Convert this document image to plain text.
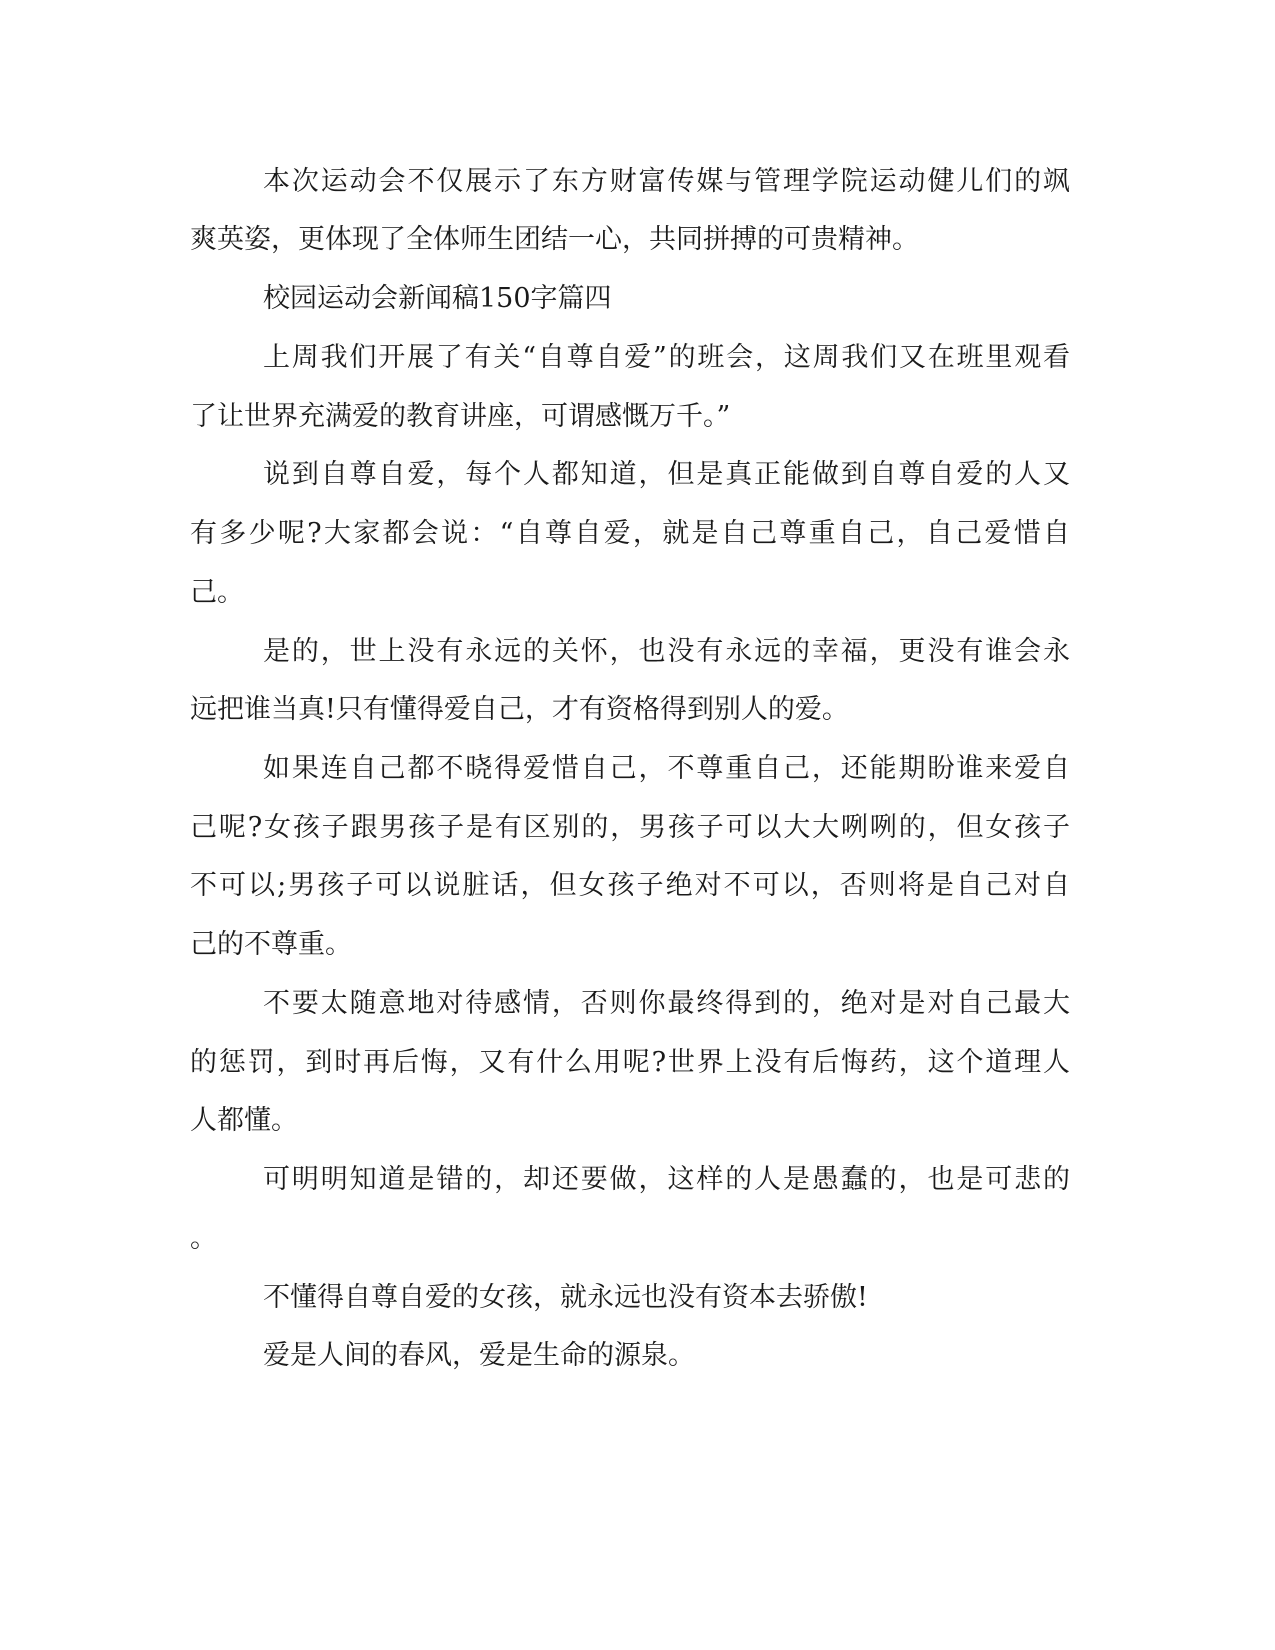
本次运动会不仅展示了东方财富传媒与管理学院运动健儿们的飒
爽英姿，更体现了全体师生团结一心，共同拼搏的可贵精神。
校园运动会新闻稿150字篇四
上周我们开展了有关“自尊自爱”的班会，这周我们又在班里观看
了让世界充满爱的教育讲座，可谓感慨万千。”
说到自尊自爱，每个人都知道，但是真正能做到自尊自爱的人又
有多少呢?大家都会说：“自尊自爱，就是自己尊重自己，自己爱惜自
己。
是的，世上没有永远的关怀，也没有永远的幸福，更没有谁会永
远把谁当真!只有懂得爱自己，才有资格得到别人的爱。
如果连自己都不晓得爱惜自己，不尊重自己，还能期盼谁来爱自
己呢?女孩子跟男孩子是有区别的，男孩子可以大大咧咧的，但女孩子
不可以;男孩子可以说脏话，但女孩子绝对不可以，否则将是自己对自
己的不尊重。
不要太随意地对待感情，否则你最终得到的，绝对是对自己最大
的惩罚，到时再后悔，又有什么用呢?世界上没有后悔药，这个道理人
人都懂。
可明明知道是错的，却还要做，这样的人是愚蠢的，也是可悲的
。
不懂得自尊自爱的女孩，就永远也没有资本去骄傲!
爱是人间的春风，爱是生命的源泉。
